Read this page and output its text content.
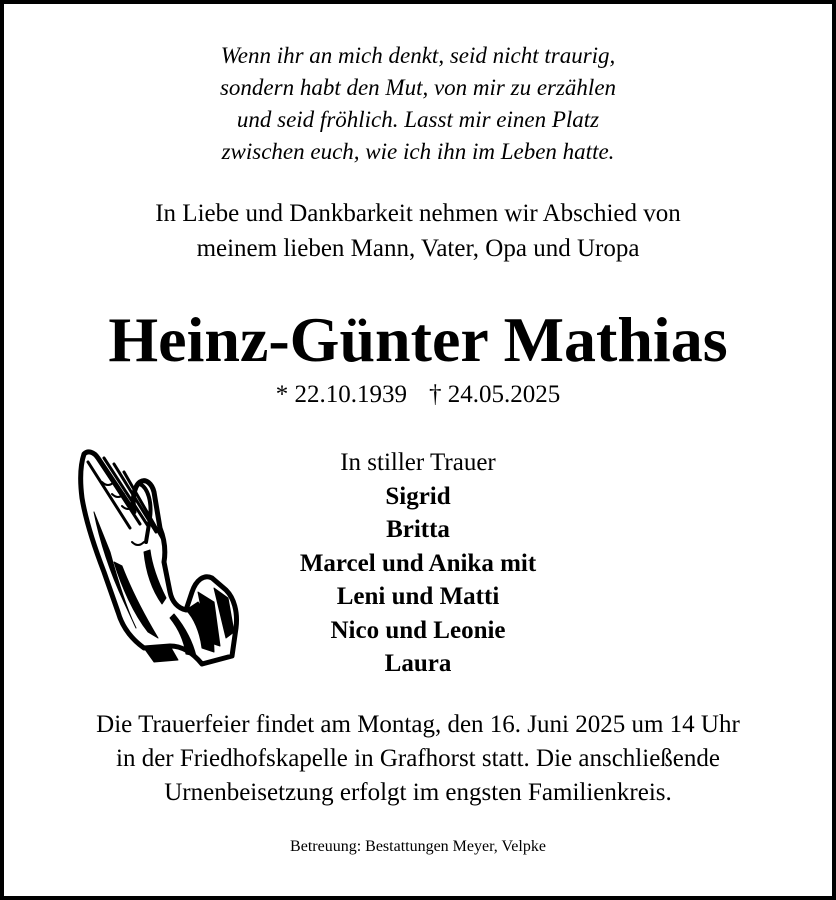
Wenn ihr an mich denkt, seid nicht traurig,
sondern habt den Mut, von mir zu erzählen
und seid fröhlich. Lasst mir einen Platz
zwischen euch, wie ich ihn im Leben hatte.
In Liebe und Dankbarkeit nehmen wir Abschied von
meinem lieben Mann, Vater, Opa und Uropa
Heinz-Günter Mathias
* 22.10.1939 † 24.05.2025
In stiller Trauer
Sigrid
Britta
Marcel und Anika mit
Leni und Matti
Nico und Leonie
Laura
Die Trauerfeier findet am Montag, den 16. Juni 2025 um 14 Uhr
in der Friedhofskapelle in Grafhorst statt. Die anschließende
Urnenbeisetzung erfolgt im engsten Familienkreis.
Betreuung: Bestattungen Meyer, Velpke
